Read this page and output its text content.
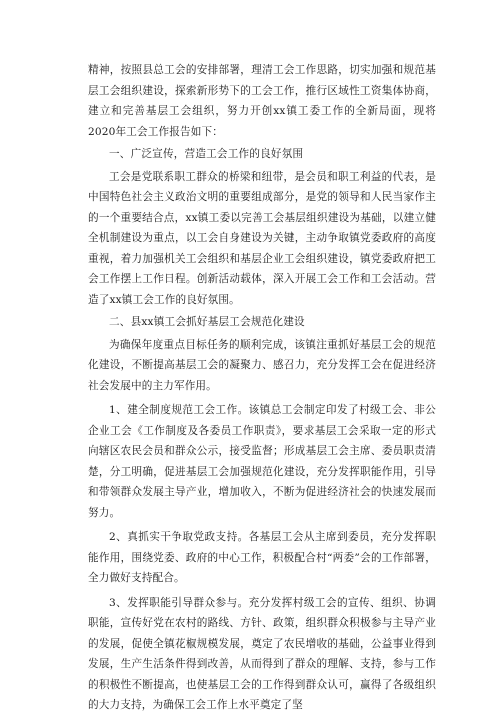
精神，按照县总工会的安排部署，理清工会工作思路，切实加强和规范基层工会组织建设，探索新形势下的工会工作，推行区域性工资集体协商，建立和完善基层工会组织，努力开创xx镇工委工作的全新局面，现将2020年工会工作报告如下：

一、广泛宣传，营造工会工作的良好氛围

工会是党联系职工群众的桥梁和纽带，是会员和职工利益的代表，是中国特色社会主义政治文明的重要组成部分，是党的领导和人民当家作主的一个重要结合点，xx镇工委以完善工会基层组织建设为基础，以建立健全机制建设为重点，以工会自身建设为关键，主动争取镇党委政府的高度重视，着力加强机关工会组织和基层企业工会组织建设，镇党委政府把工会工作摆上工作日程。创新活动载体，深入开展工会工作和工会活动。营造了xx镇工会工作的良好氛围。

二、县xx镇工会抓好基层工会规范化建设

为确保年度重点目标任务的顺利完成，该镇注重抓好基层工会的规范化建设，不断提高基层工会的凝聚力、感召力，充分发挥工会在促进经济社会发展中的主力军作用。

1、建全制度规范工会工作。该镇总工会制定印发了村级工会、非公企业工会《工作制度及各委员工作职责》，要求基层工会采取一定的形式向辖区农民会员和群众公示，接受监督；形成基层工会主席、委员职责清楚，分工明确，促进基层工会加强规范化建设，充分发挥职能作用，引导和带领群众发展主导产业，增加收入，不断为促进经济社会的快速发展而努力。

2、真抓实干争取党政支持。各基层工会从主席到委员，充分发挥职能作用，围绕党委、政府的中心工作，积极配合村“两委”会的工作部署，全力做好支持配合。

3、发挥职能引导群众参与。充分发挥村级工会的宣传、组织、协调职能，宣传好党在农村的路线、方针、政策，组织群众积极参与主导产业的发展，促使全镇花椒规模发展，奠定了农民增收的基础，公益事业得到发展，生产生活条件得到改善，从而得到了群众的理解、支持，参与工作的积极性不断提高，也使基层工会的工作得到群众认可，赢得了各级组织的大力支持，为确保工会工作上水平奠定了坚
